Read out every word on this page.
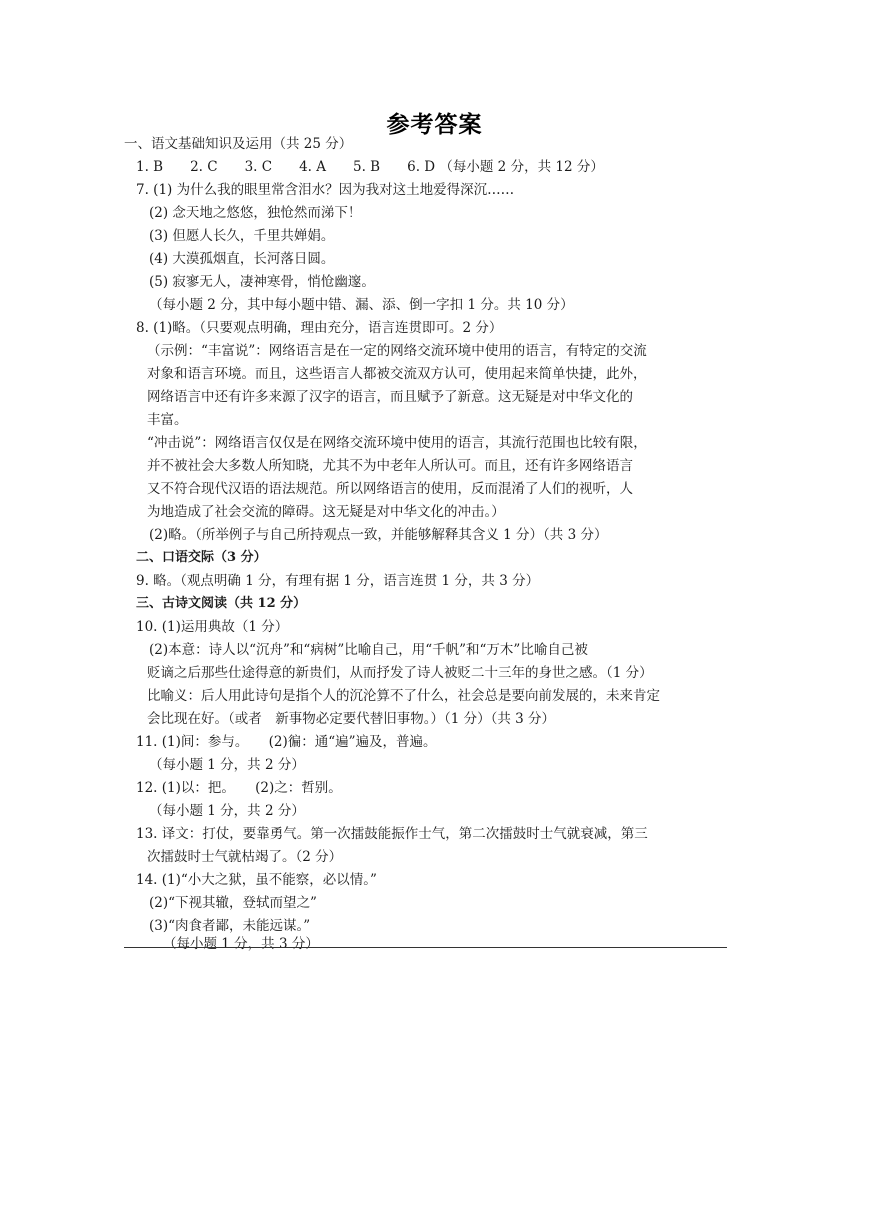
参考答案
一、语文基础知识及运用（共 25 分）
1. B　　2. C　　3. C　　4. A　　5. B　　6. D （每小题 2 分，共 12 分）
7. (1) 为什么我的眼里常含泪水？因为我对这土地爱得深沉……
(2) 念天地之悠悠，独怆然而涕下！
(3) 但愿人长久，千里共婵娟。
(4) 大漠孤烟直，长河落日圆。
(5) 寂寥无人，凄神寒骨，悄怆幽邃。
（每小题 2 分，其中每小题中错、漏、添、倒一字扣 1 分。共 10 分）
8. (1)略。（只要观点明确，理由充分，语言连贯即可。2 分）
（示例：“丰富说”：网络语言是在一定的网络交流环境中使用的语言，有特定的交流
对象和语言环境。而且，这些语言人都被交流双方认可，使用起来简单快捷，此外，
网络语言中还有许多来源了汉字的语言，而且赋予了新意。这无疑是对中华文化的
丰富。
“冲击说”：网络语言仅仅是在网络交流环境中使用的语言，其流行范围也比较有限，
并不被社会大多数人所知晓，尤其不为中老年人所认可。而且，还有许多网络语言
又不符合现代汉语的语法规范。所以网络语言的使用，反而混淆了人们的视听，人
为地造成了社会交流的障碍。这无疑是对中华文化的冲击。）
(2)略。（所举例子与自己所持观点一致，并能够解释其含义 1 分）（共 3 分）
二、口语交际（3 分）
9. 略。（观点明确 1 分，有理有据 1 分，语言连贯 1 分，共 3 分）
三、古诗文阅读（共 12 分）
10. (1)运用典故（1 分）
(2)本意：诗人以“沉舟”和“病树”比喻自己，用“千帆”和“万木”比喻自己被
贬谪之后那些仕途得意的新贵们，从而抒发了诗人被贬二十三年的身世之感。（1 分）
比喻义：后人用此诗句是指个人的沉沦算不了什么，社会总是要向前发展的，未来肯定
会比现在好。（或者　新事物必定要代替旧事物。）（1 分）（共 3 分）
11. (1)间：参与。　　(2)徧：通“遍”遍及，普遍。
（每小题 1 分，共 2 分）
12. (1)以：把。　　(2)之：哲别。
（每小题 1 分，共 2 分）
13. 译文：打仗，要靠勇气。第一次擂鼓能振作士气，第二次擂鼓时士气就衰减，第三
次擂鼓时士气就枯竭了。（2 分）
14. (1)“小大之狱，虽不能察，必以情。”
(2)“下视其辙，登轼而望之”
(3)“肉食者鄙，未能远谋。”
（每小题 1 分，共 3 分）
